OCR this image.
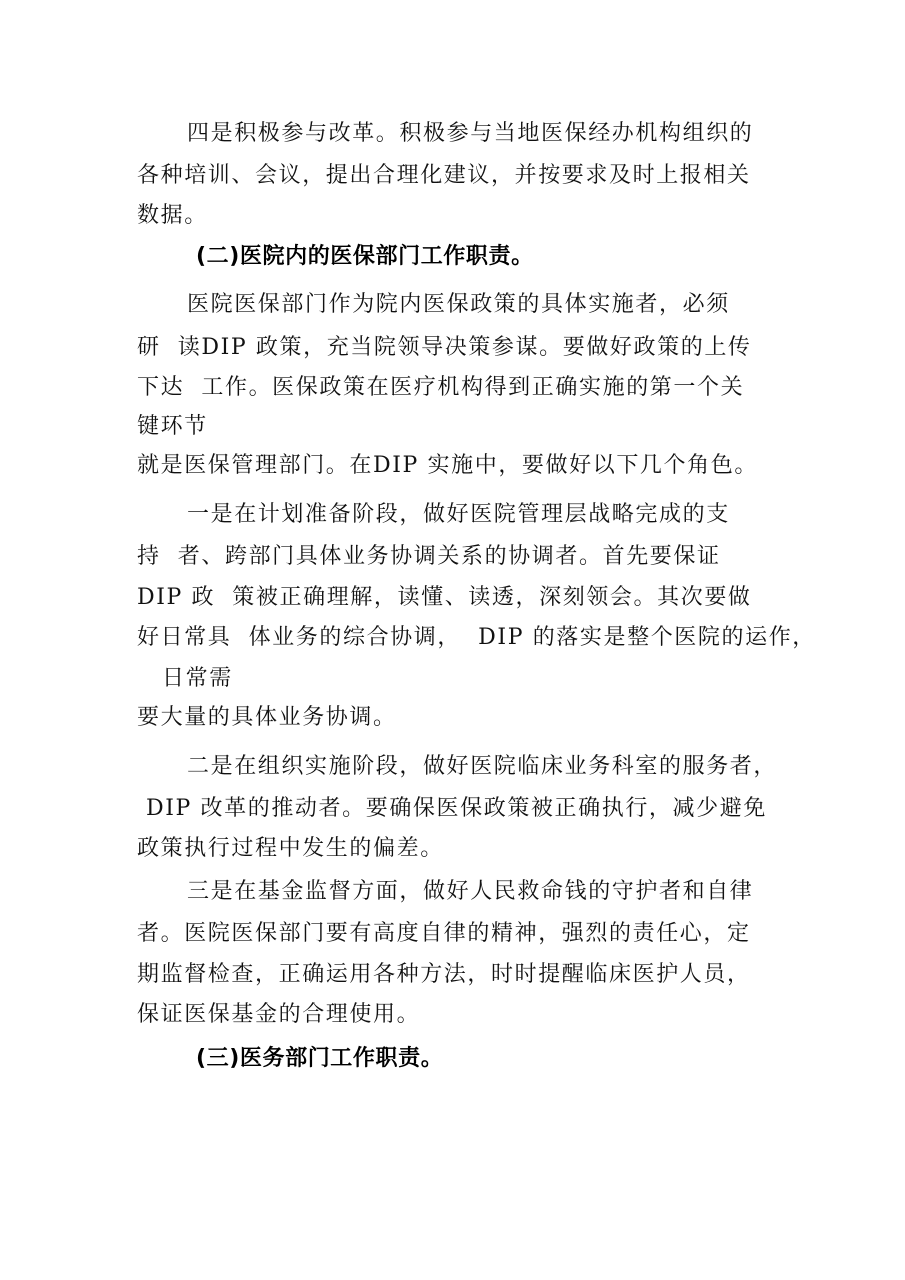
四是积极参与改革。积极参与当地医保经办机构组织的
各种培训、会议，提出合理化建议，并按要求及时上报相关
数据。
(二)医院内的医保部门工作职责。
医院医保部门作为院内医保政策的具体实施者，必须
研  读DIP 政策，充当院领导决策参谋。要做好政策的上传
下达  工作。医保政策在医疗机构得到正确实施的第一个关
键环节
就是医保管理部门。在DIP 实施中，要做好以下几个角色。
一是在计划准备阶段，做好医院管理层战略完成的支
持  者、跨部门具体业务协调关系的协调者。首先要保证
DIP 政  策被正确理解，读懂、读透，深刻领会。其次要做
好日常具  体业务的综合协调，  DIP 的落实是整个医院的运作，
日常需
要大量的具体业务协调。
二是在组织实施阶段，做好医院临床业务科室的服务者，
DIP 改革的推动者。要确保医保政策被正确执行，减少避免
政策执行过程中发生的偏差。
三是在基金监督方面，做好人民救命钱的守护者和自律
者。医院医保部门要有高度自律的精神，强烈的责任心，定
期监督检查，正确运用各种方法，时时提醒临床医护人员，
保证医保基金的合理使用。
(三)医务部门工作职责。
